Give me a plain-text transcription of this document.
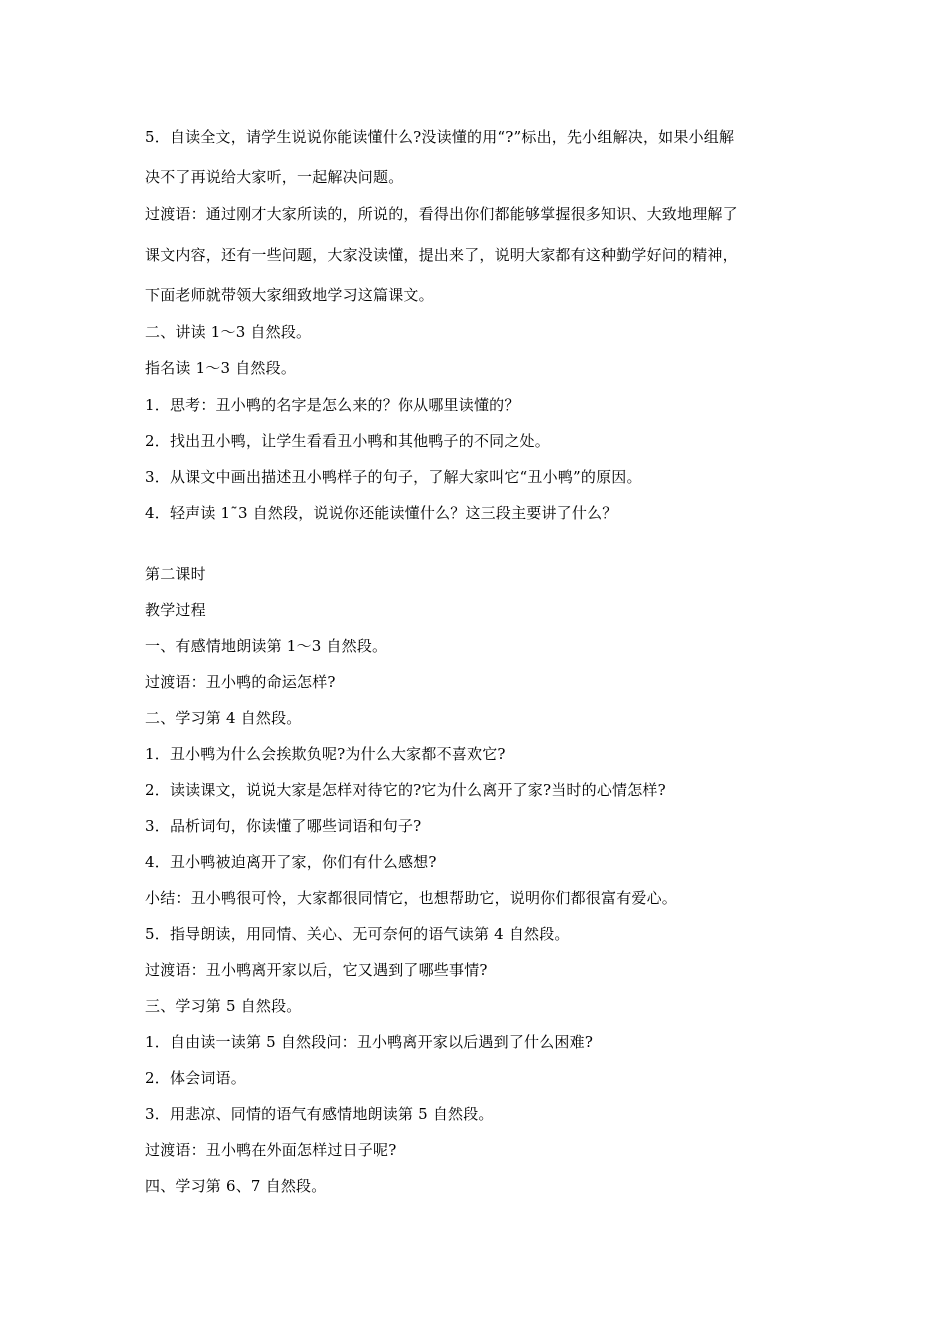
5．自读全文，请学生说说你能读懂什么?没读懂的用“?”标出，先小组解决，如果小组解
决不了再说给大家听，一起解决问题。
过渡语：通过刚才大家所读的，所说的，看得出你们都能够掌握很多知识、大致地理解了
课文内容，还有一些问题，大家没读懂，提出来了，说明大家都有这种勤学好问的精神，
下面老师就带领大家细致地学习这篇课文。
二、讲读 1～3 自然段。
指名读 1～3 自然段。
1．思考：丑小鸭的名字是怎么来的？你从哪里读懂的？
2．找出丑小鸭，让学生看看丑小鸭和其他鸭子的不同之处。
3．从课文中画出描述丑小鸭样子的句子，了解大家叫它“丑小鸭”的原因。
4．轻声读 1˜3 自然段，说说你还能读懂什么？这三段主要讲了什么？
第二课时
教学过程
一、有感情地朗读第 1～3 自然段。
过渡语：丑小鸭的命运怎样?
二、学习第 4 自然段。
1．丑小鸭为什么会挨欺负呢?为什么大家都不喜欢它?
2．读读课文，说说大家是怎样对待它的?它为什么离开了家?当时的心情怎样?
3．品析词句，你读懂了哪些词语和句子?
4．丑小鸭被迫离开了家，你们有什么感想?
小结：丑小鸭很可怜，大家都很同情它，也想帮助它，说明你们都很富有爱心。
5．指导朗读，用同情、关心、无可奈何的语气读第 4 自然段。
过渡语：丑小鸭离开家以后，它又遇到了哪些事情?
三、学习第 5 自然段。
1．自由读一读第 5 自然段问：丑小鸭离开家以后遇到了什么困难?
2．体会词语。
3．用悲凉、同情的语气有感情地朗读第 5 自然段。
过渡语：丑小鸭在外面怎样过日子呢?
四、学习第 6、7 自然段。
